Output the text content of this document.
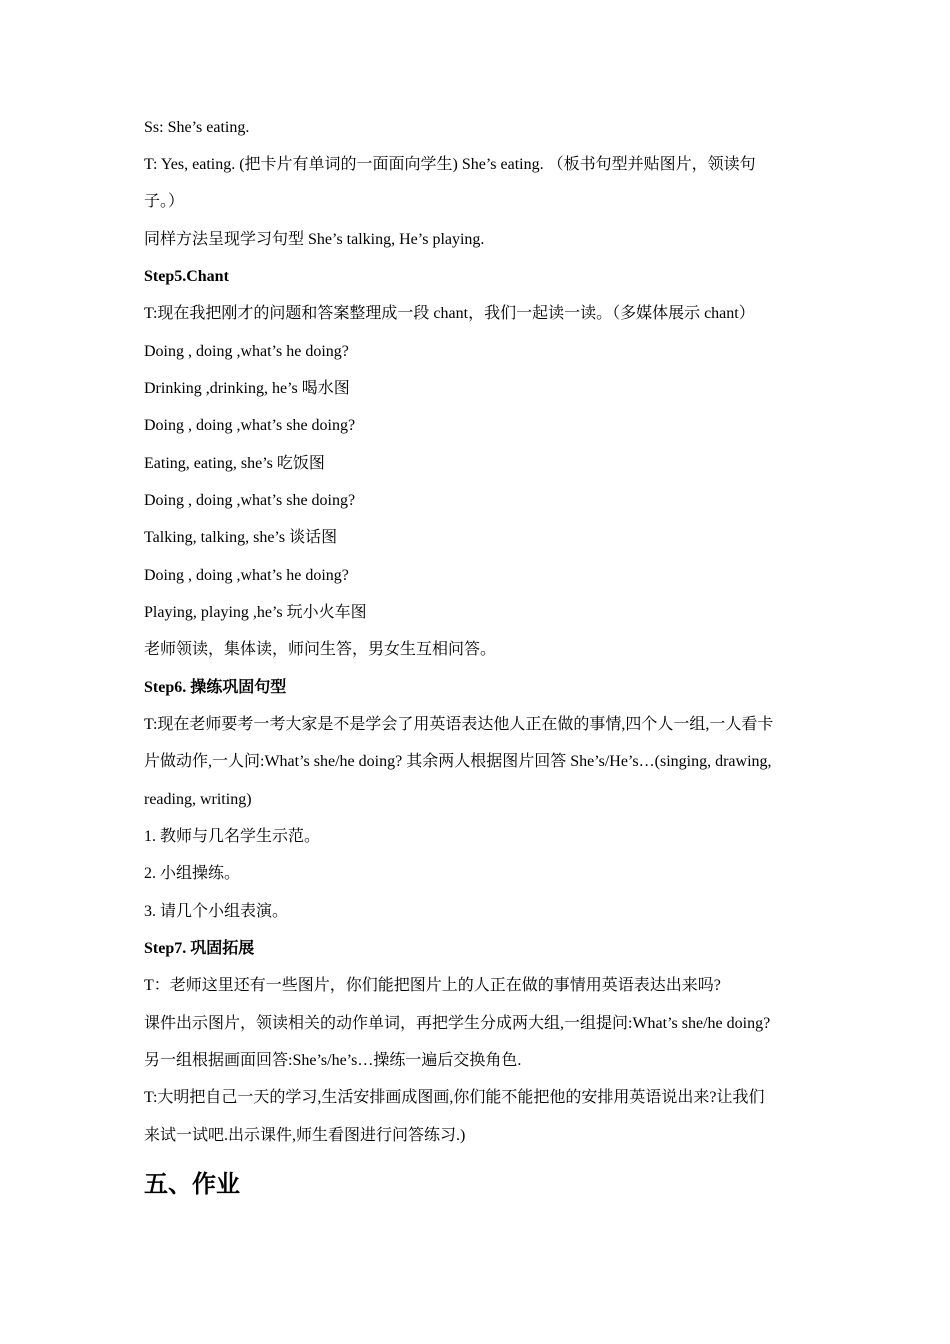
Ss: She’s eating.
T: Yes, eating. (把卡片有单词的一面面向学生) She’s eating. （板书句型并贴图片，领读句
子。）
同样方法呈现学习句型 She’s talking, He’s playing.
Step5.Chant
T:现在我把刚才的问题和答案整理成一段 chant，我们一起读一读。（多媒体展示 chant）
Doing , doing ,what’s he doing?
Drinking ,drinking, he’s 喝水图
Doing , doing ,what’s she doing?
Eating, eating, she’s 吃饭图
Doing , doing ,what’s she doing?
Talking, talking, she’s 谈话图
Doing , doing ,what’s he doing?
Playing, playing ,he’s 玩小火车图
老师领读，集体读，师问生答，男女生互相问答。
Step6. 操练巩固句型
T:现在老师要考一考大家是不是学会了用英语表达他人正在做的事情,四个人一组,一人看卡
片做动作,一人问:What’s she/he doing? 其余两人根据图片回答 She’s/He’s…(singing, drawing,
reading, writing)
1. 教师与几名学生示范。
2. 小组操练。
3. 请几个小组表演。
Step7. 巩固拓展
T：老师这里还有一些图片，你们能把图片上的人正在做的事情用英语表达出来吗?
课件出示图片，领读相关的动作单词，再把学生分成两大组,一组提问:What’s she/he doing?
另一组根据画面回答:She’s/he’s…操练一遍后交换角色.
T:大明把自己一天的学习,生活安排画成图画,你们能不能把他的安排用英语说出来?让我们
来试一试吧.出示课件,师生看图进行问答练习.)
五、作业
